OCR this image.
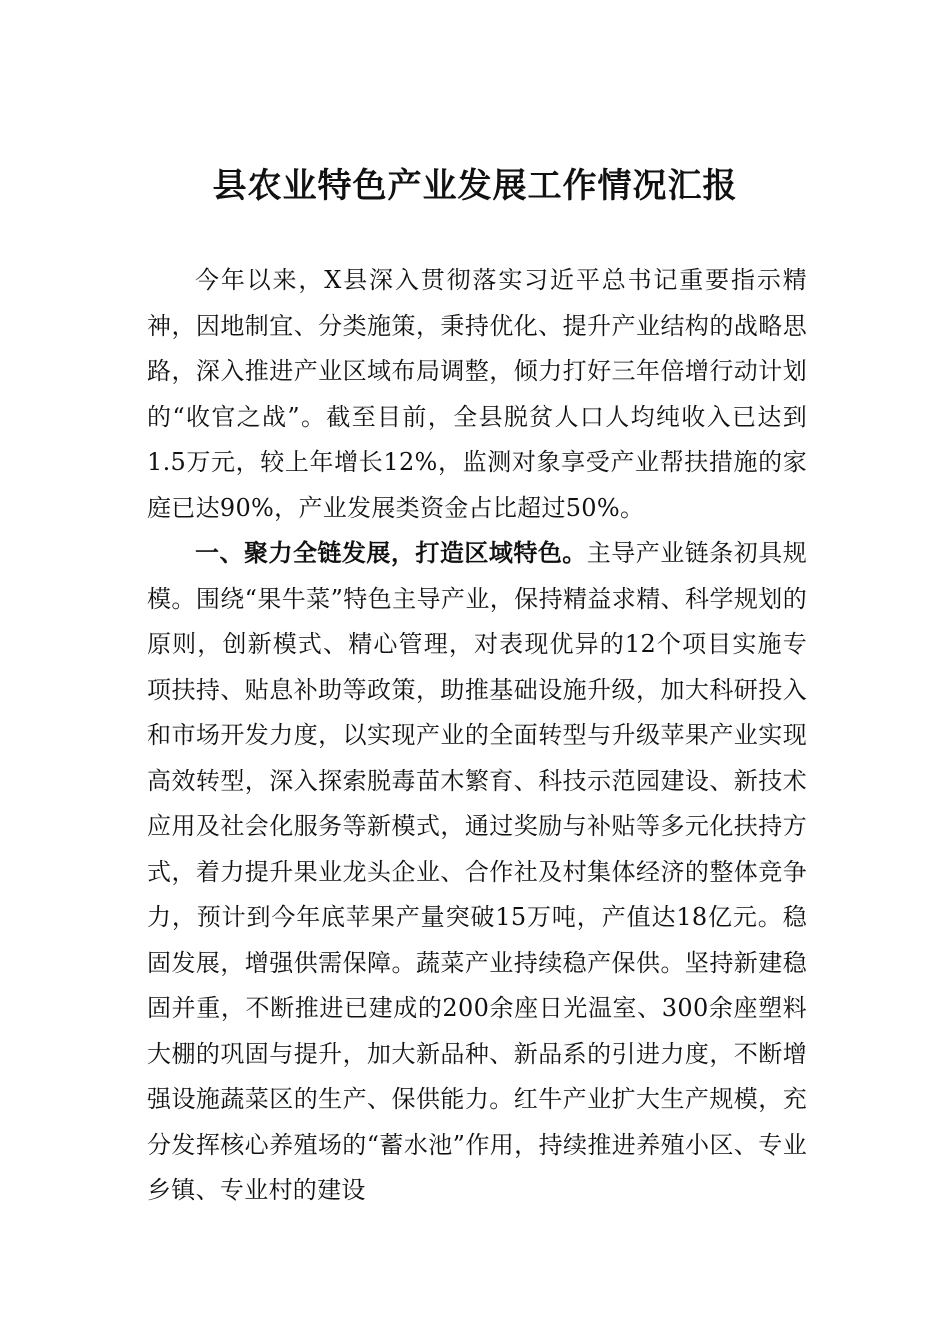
县农业特色产业发展工作情况汇报

今年以来，X县深入贯彻落实习近平总书记重要指示精神，因地制宜、分类施策，秉持优化、提升产业结构的战略思路，深入推进产业区域布局调整，倾力打好三年倍增行动计划的“收官之战”。截至目前，全县脱贫人口人均纯收入已达到1.5万元，较上年增长12%，监测对象享受产业帮扶措施的家庭已达90%，产业发展类资金占比超过50%。

一、聚力全链发展，打造区域特色。主导产业链条初具规模。围绕“果牛菜”特色主导产业，保持精益求精、科学规划的原则，创新模式、精心管理，对表现优异的12个项目实施专项扶持、贴息补助等政策，助推基础设施升级，加大科研投入和市场开发力度，以实现产业的全面转型与升级苹果产业实现高效转型，深入探索脱毒苗木繁育、科技示范园建设、新技术应用及社会化服务等新模式，通过奖励与补贴等多元化扶持方式，着力提升果业龙头企业、合作社及村集体经济的整体竞争力，预计到今年底苹果产量突破15万吨，产值达18亿元。稳固发展，增强供需保障。蔬菜产业持续稳产保供。坚持新建稳固并重，不断推进已建成的200余座日光温室、300余座塑料大棚的巩固与提升，加大新品种、新品系的引进力度，不断增强设施蔬菜区的生产、保供能力。红牛产业扩大生产规模，充分发挥核心养殖场的“蓄水池”作用，持续推进养殖小区、专业乡镇、专业村的建设
